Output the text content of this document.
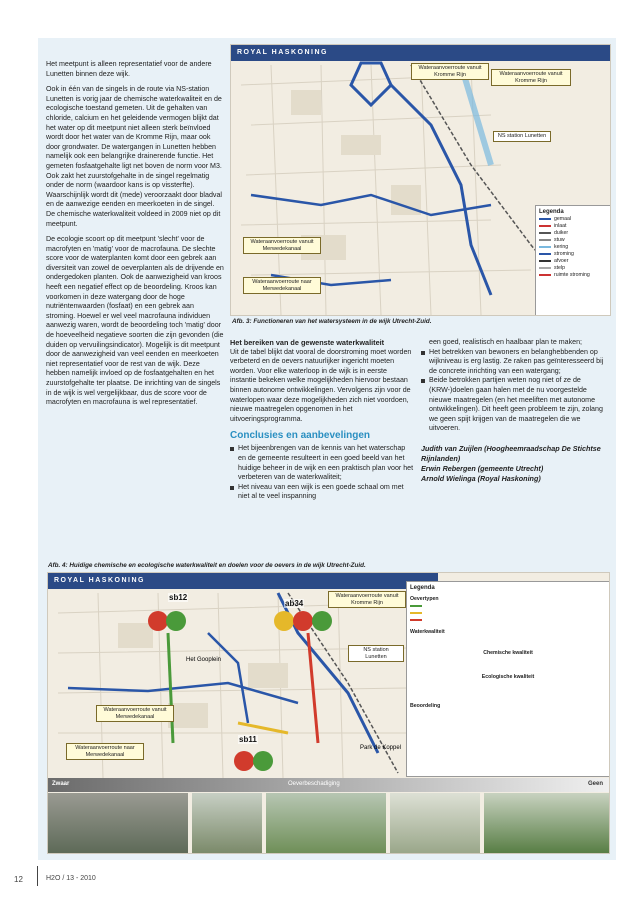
Het meetpunt is alleen representatief voor de andere Lunetten binnen deze wijk.

Ook in één van de singels in de route via NS-station Lunetten is vorig jaar de chemische waterkwaliteit en de ecologische toestand gemeten. Uit de gehalten van chloride, calcium en het geleidende vermogen blijkt dat het water op dit meetpunt niet alleen sterk beïnvloed wordt door het water van de Kromme Rijn, maar ook door grondwater. De watergangen in Lunetten hebben namelijk ook een belangrijke drainerende functie. Het gemeten fosfaatgehalte ligt net boven de norm voor M3. Ook zakt het zuurstofgehalte in de singel regelmatig onder de norm (waardoor kans is op vissterfte). Waarschijnlijk wordt dit (mede) veroorzaakt door bladval en de aanwezige eenden en meerkoeten in de singel. De chemische waterkwaliteit voldeed in 2009 niet op dit meetpunt.

De ecologie scoort op dit meetpunt 'slecht' voor de macrofyten en 'matig' voor de macrofauna. De slechte score voor de waterplanten komt door een gebrek aan diversiteit van zowel de oeverplanten als de drijvende en ondergedoken planten. Ook de aanwezigheid van kroos heeft een negatief effect op de beoordeling. Kroos kan voorkomen in deze watergang door de hoge nutriëntenwaarden (fosfaat) en een gebrek aan stroming. Hoewel er wel veel macrofauna individuen aanwezig waren, wordt de beoordeling toch 'matig' door de hoeveelheid negatieve soorten die zijn gevonden (die duiden op vervuilingsindicator). Mogelijk is dit meetpunt door de aanwezigheid van veel eenden en meerkoeten niet representatief voor de rest van de wijk. Deze hebben namelijk invloed op de fosfaatgehalten en het zuurstofgehalte ter plaatse. De inrichting van de singels in de wijk is wel vergelijkbaar, dus de score voor de macrofyten en macrofauna is wel representatief.

ROYAL HASKONING
Wateraanvoerroute vanuit Kromme Rijn	Wateraanvoerroute vanuit Kromme Rijn
Wateraanvoerroute vanuit Merwedekanaal
Wateraanvoerroute naar Merwedekanaal
NS station Lunetten
Legenda
gemaal
inlaat
duiker
stuw
kering
stroming
afvoer
stelp
ruimte stroming
Afb. 3: Functioneren van het watersysteem in de wijk Utrecht-Zuid.
Het bereiken van de gewenste waterkwaliteit

Uit de tabel blijkt dat vooral de doorstroming moet worden verbeterd en de oevers natuurlijker ingericht moeten worden. Voor elke waterloop in de wijk is in eerste instantie bekeken welke mogelijkheden hiervoor bestaan binnen autonome ontwikkelingen. Vervolgens zijn voor de waterlopen waar deze mogelijkheden zich niet voordoen, nieuwe maatregelen opgenomen in het uitvoeringsprogramma.

Conclusies en aanbevelingen
Het bijeenbrengen van de kennis van het waterschap en de gemeente resulteert in een goed beeld van het huidige beheer in de wijk en een praktisch plan voor het verbeteren van de waterkwaliteit;
Het niveau van een wijk is een goede schaal om met niet al te veel inspanning

een goed, realistisch en haalbaar plan te maken;

Het betrekken van bewoners en belanghebbenden op wijkniveau is erg lastig. Ze raken pas geïnteresseerd bij de concrete inrichting van een watergang;
Beide betrokken partijen weten nog niet of ze de (KRW-)doelen gaan halen met de nu voorgestelde nieuwe maatregelen (en het meeliften met autonome ontwikkelingen). Dit heeft geen probleem te zijn, zolang we geen spijt krijgen van de maatregelen die we uitvoeren.
Judith van Zuijlen (Hoogheemraadschap De Stichtse Rijnlanden)
Erwin Rebergen (gemeente Utrecht)
Arnold Wielinga (Royal Haskoning)
Afb. 4: Huidige chemische en ecologische waterkwaliteit en doelen voor de oevers in de wijk Utrecht-Zuid.
ROYAL HASKONING
sb12
ab34
sb11
Wateraanvoerroute vanuit Kromme Rijn
Wateraanvoerroute vanuit Merwedekanaal
Wateraanvoerroute naar Merwedekanaal
NS station Lunetten
Het Gooplein
Park de Koppel
Legenda
Oevertypen
Waterkwaliteit
Chemische kwaliteit
Ecologische kwaliteit
Beoordeling
Zwaar	Oeverbeschadiging	Geen
12	H2O / 13 - 2010
